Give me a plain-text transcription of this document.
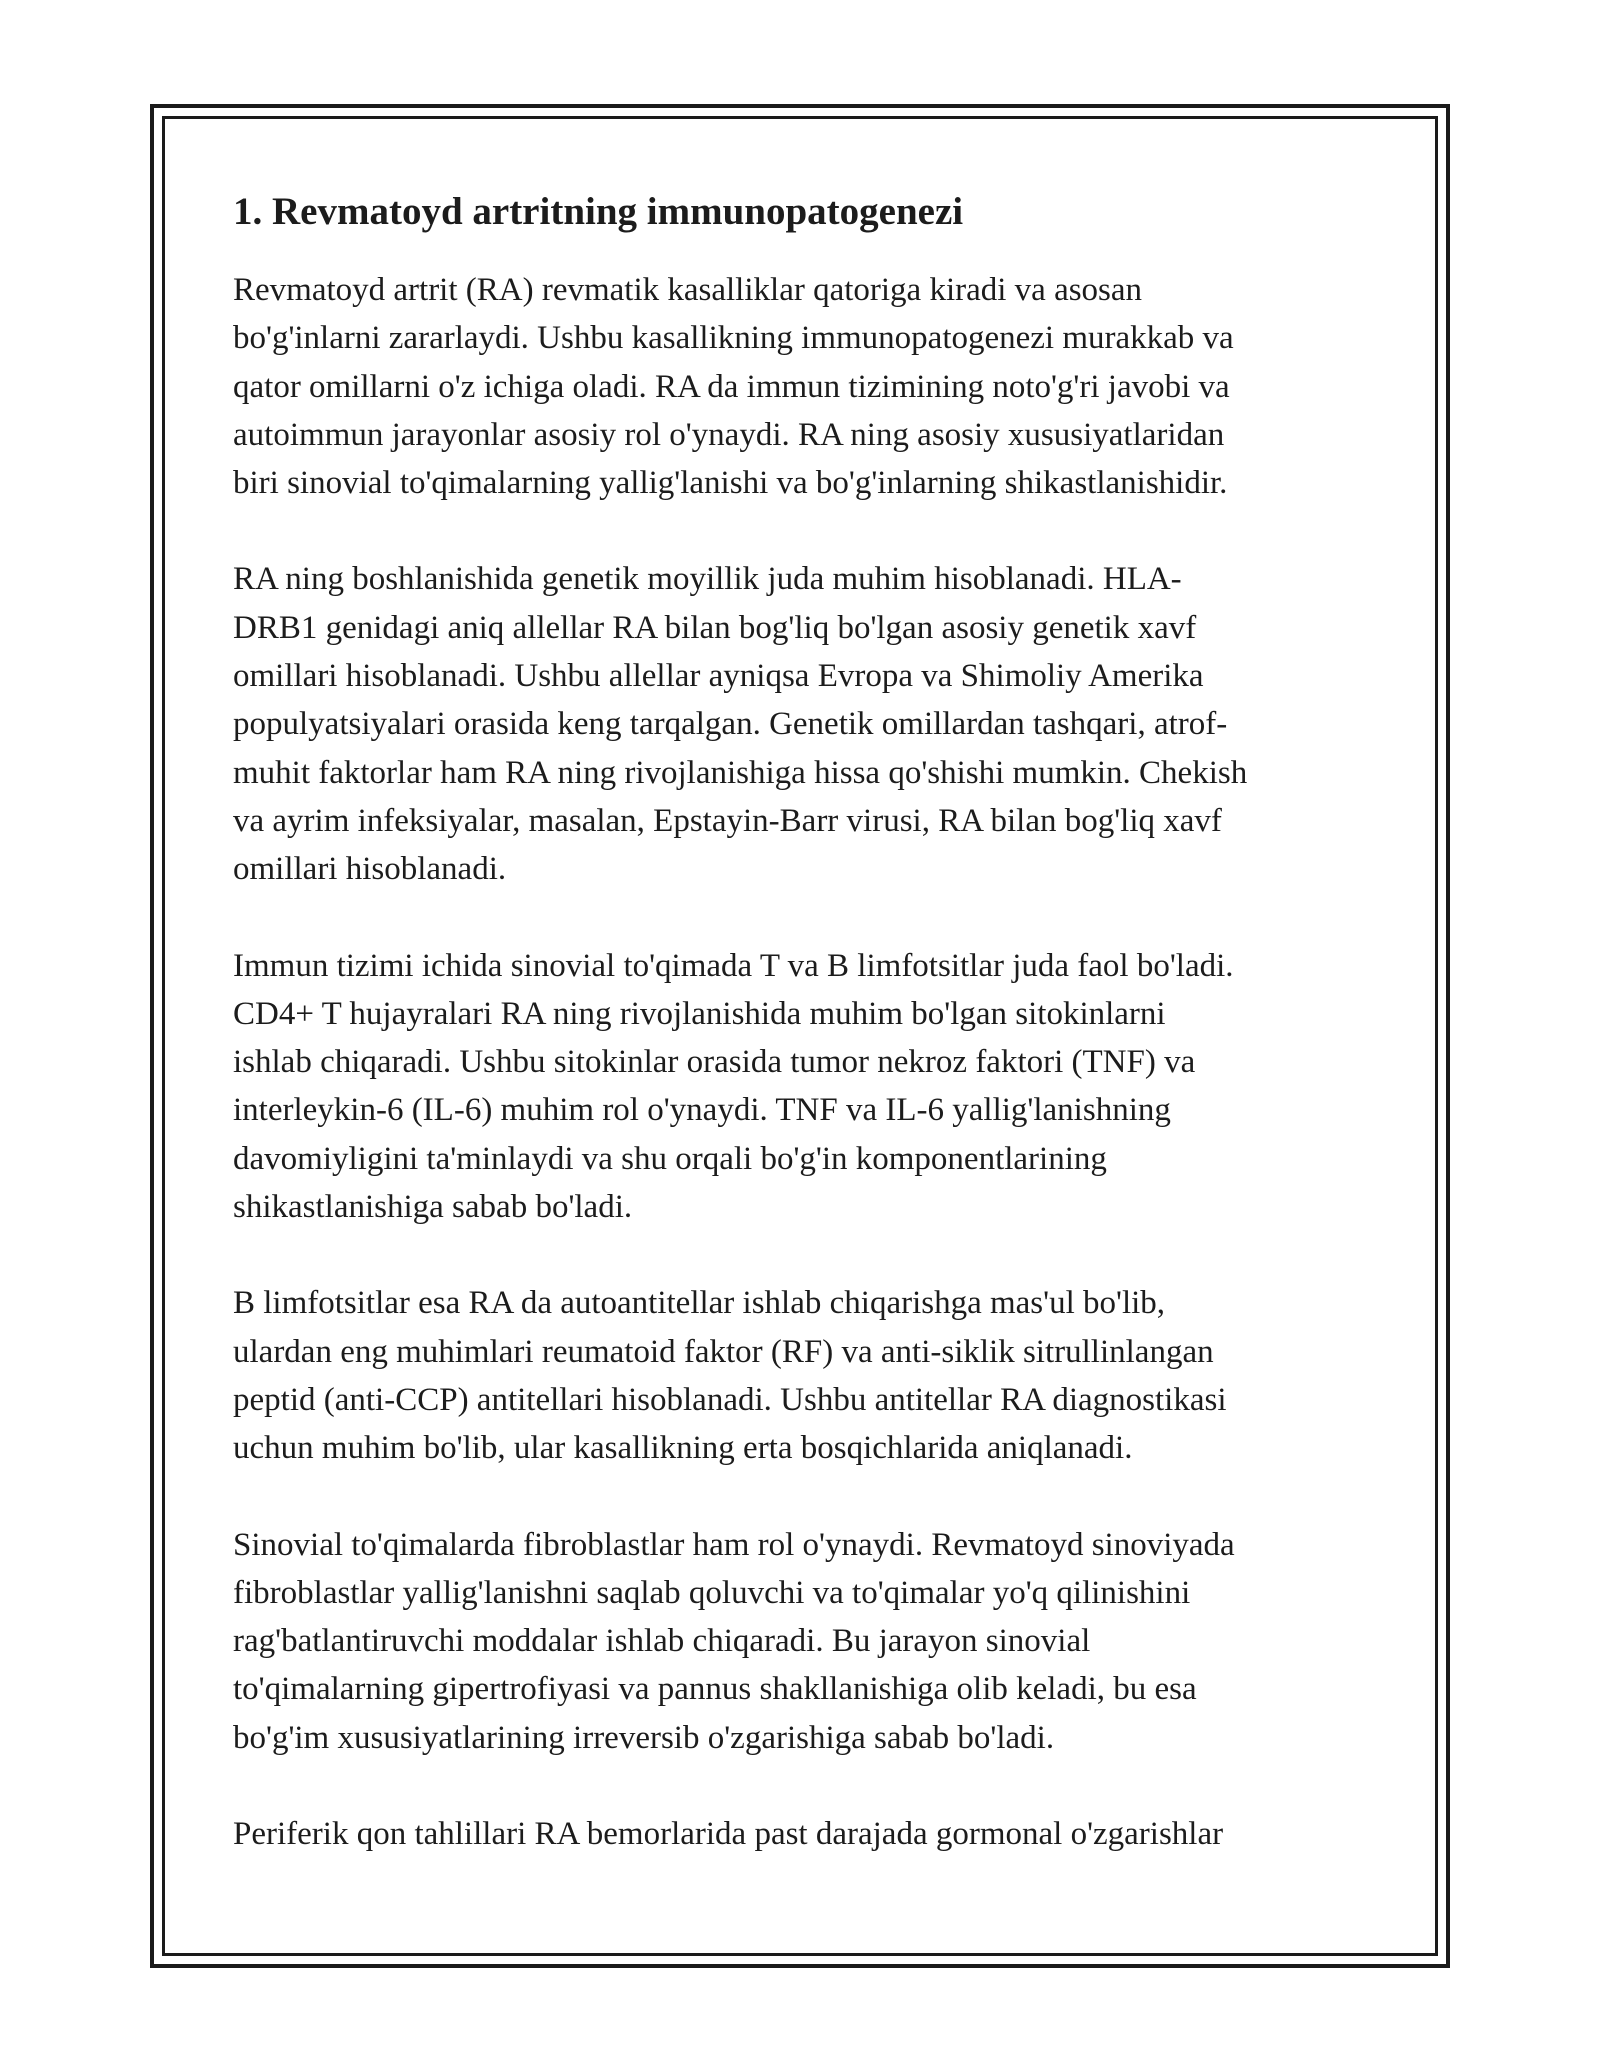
1. Revmatoyd artritning immunopatogenezi
Revmatoyd artrit (RA) revmatik kasalliklar qatoriga kiradi va asosan
bo'g'inlarni zararlaydi. Ushbu kasallikning immunopatogenezi murakkab va
qator omillarni o'z ichiga oladi. RA da immun tizimining noto'g'ri javobi va
autoimmun jarayonlar asosiy rol o'ynaydi. RA ning asosiy xususiyatlaridan
biri sinovial to'qimalarning yallig'lanishi va bo'g'inlarning shikastlanishidir.
RA ning boshlanishida genetik moyillik juda muhim hisoblanadi. HLA-
DRB1 genidagi aniq allellar RA bilan bog'liq bo'lgan asosiy genetik xavf
omillari hisoblanadi. Ushbu allellar ayniqsa Evropa va Shimoliy Amerika
populyatsiyalari orasida keng tarqalgan. Genetik omillardan tashqari, atrof-
muhit faktorlar ham RA ning rivojlanishiga hissa qo'shishi mumkin. Chekish
va ayrim infeksiyalar, masalan, Epstayin-Barr virusi, RA bilan bog'liq xavf
omillari hisoblanadi.
Immun tizimi ichida sinovial to'qimada T va B limfotsitlar juda faol bo'ladi.
CD4+ T hujayralari RA ning rivojlanishida muhim bo'lgan sitokinlarni
ishlab chiqaradi. Ushbu sitokinlar orasida tumor nekroz faktori (TNF) va
interleykin-6 (IL-6) muhim rol o'ynaydi. TNF va IL-6 yallig'lanishning
davomiyligini ta'minlaydi va shu orqali bo'g'in komponentlarining
shikastlanishiga sabab bo'ladi.
B limfotsitlar esa RA da autoantitellar ishlab chiqarishga mas'ul bo'lib,
ulardan eng muhimlari reumatoid faktor (RF) va anti-siklik sitrullinlangan
peptid (anti-CCP) antitellari hisoblanadi. Ushbu antitellar RA diagnostikasi
uchun muhim bo'lib, ular kasallikning erta bosqichlarida aniqlanadi.
Sinovial to'qimalarda fibroblastlar ham rol o'ynaydi. Revmatoyd sinoviyada
fibroblastlar yallig'lanishni saqlab qoluvchi va to'qimalar yo'q qilinishini
rag'batlantiruvchi moddalar ishlab chiqaradi. Bu jarayon sinovial
to'qimalarning gipertrofiyasi va pannus shakllanishiga olib keladi, bu esa
bo'g'im xususiyatlarining irreversib o'zgarishiga sabab bo'ladi.
Periferik qon tahlillari RA bemorlarida past darajada gormonal o'zgarishlar
